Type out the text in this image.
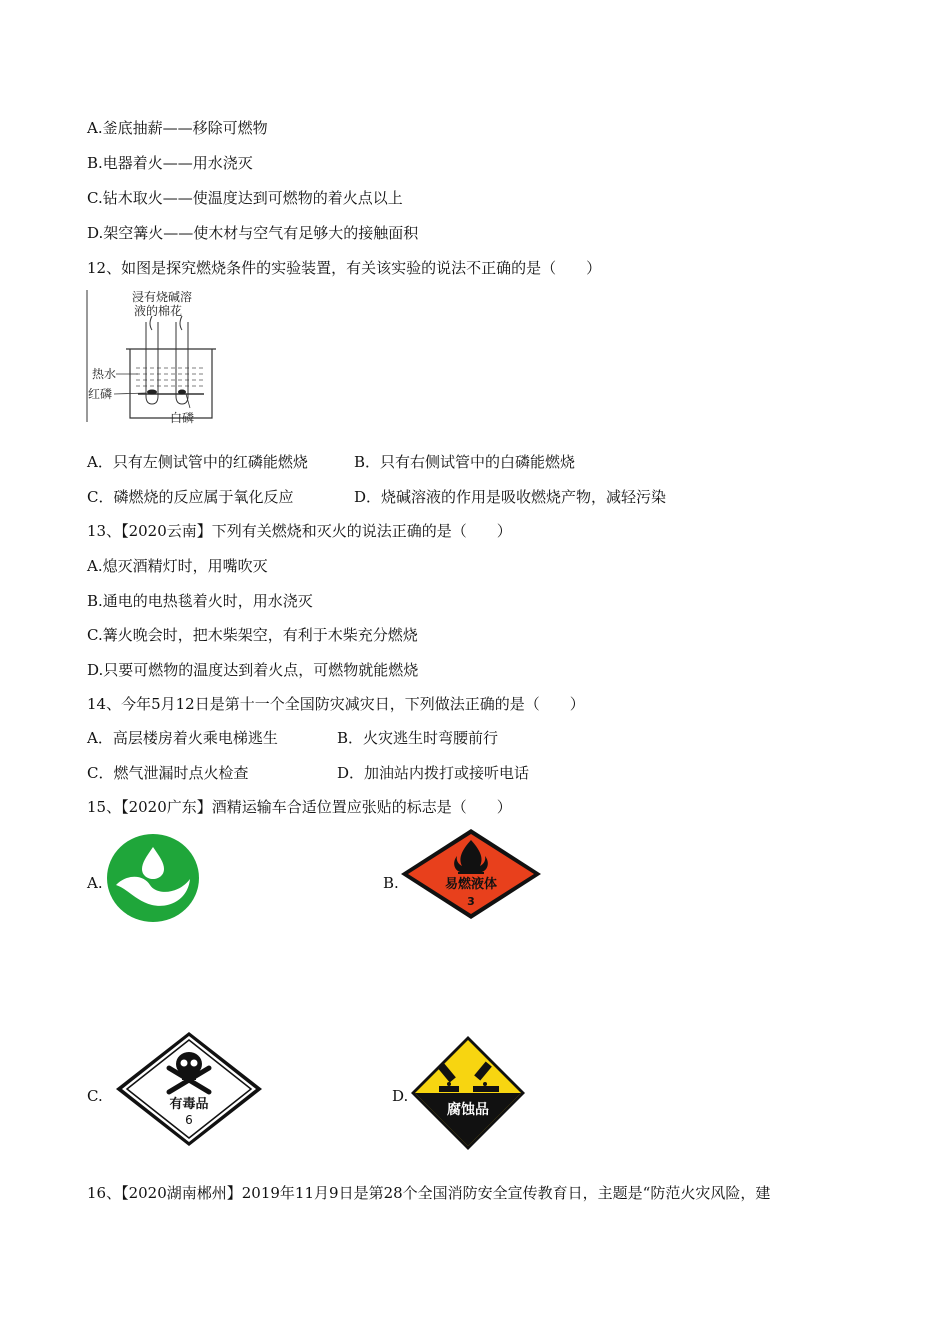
A.釜底抽薪——移除可燃物
B.电器着火——用水浇灭
C.钻木取火——使温度达到可燃物的着火点以上
D.架空篝火——使木材与空气有足够大的接触面积
12、如图是探究燃烧条件的实验装置，有关该实验的说法不正确的是（　　）
浸有烧碱溶
液的棉花
热水
红磷
白磷
A．只有左侧试管中的红磷能燃烧	B．只有右侧试管中的白磷能燃烧
C．磷燃烧的反应属于氧化反应	D．烧碱溶液的作用是吸收燃烧产物，减轻污染
13、【2020云南】下列有关燃烧和灭火的说法正确的是（　　）
A.熄灭酒精灯时，用嘴吹灭
B.通电的电热毯着火时，用水浇灭
C.篝火晚会时，把木柴架空，有利于木柴充分燃烧
D.只要可燃物的温度达到着火点，可燃物就能燃烧
14、今年5月12日是第十一个全国防灾减灾日，下列做法正确的是（　　）
A．高层楼房着火乘电梯逃生	B．火灾逃生时弯腰前行
C．燃气泄漏时点火检查	D．加油站内拨打或接听电话
15、【2020广东】酒精运输车合适位置应张贴的标志是（　　）
A.	B.	易燃液体
3
C.	有毒品
6
D.
腐蚀品
16、【2020湖南郴州】2019年11月9日是第28个全国消防安全宣传教育日，主题是“防范火灾风险，建
